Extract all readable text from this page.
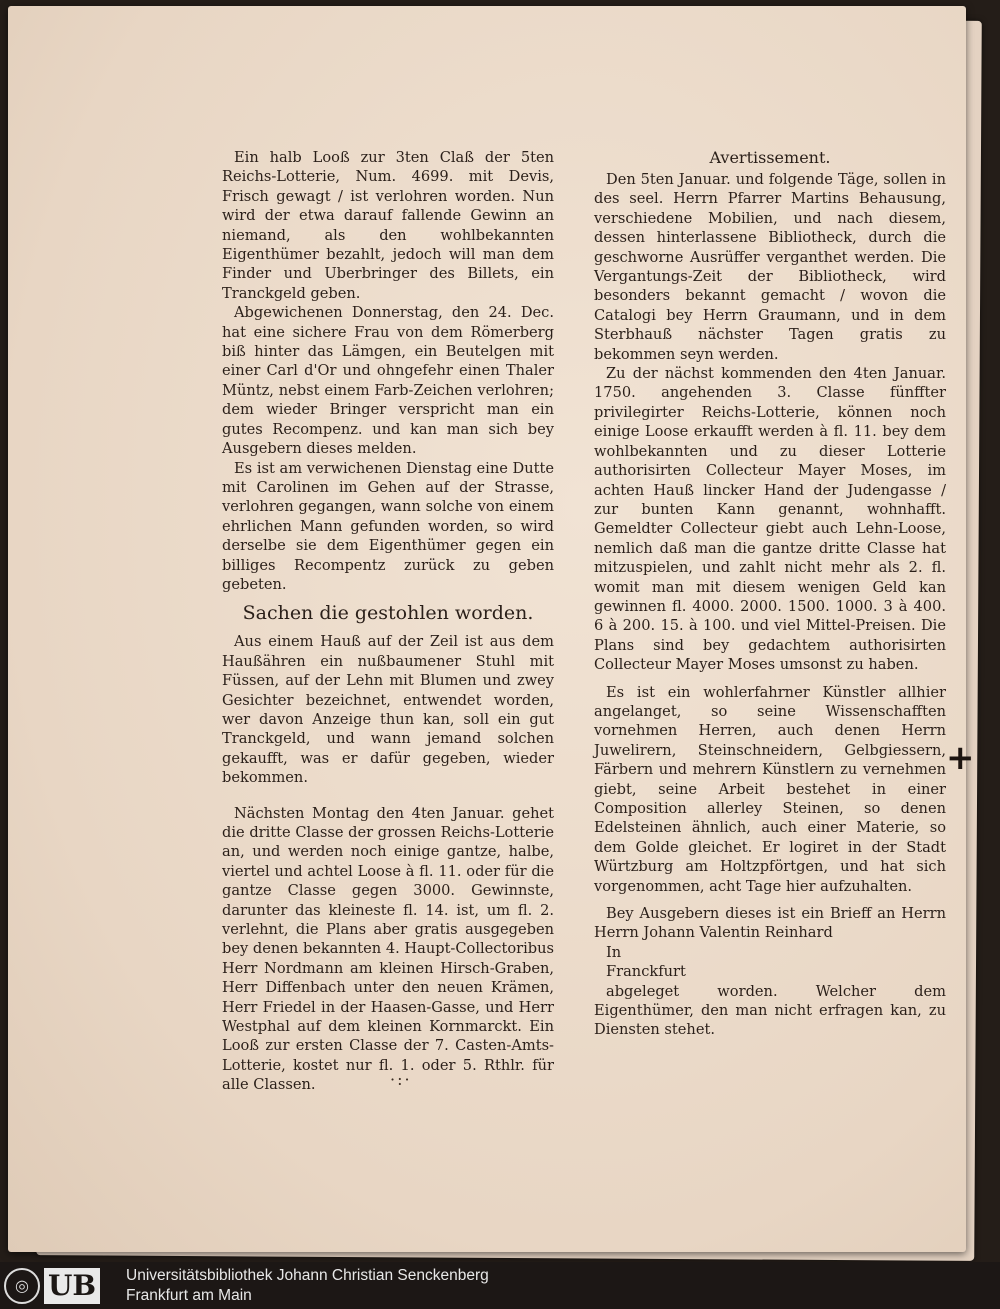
Ein halb Looß zur 3ten Claß der 5ten Reichs-Lotterie, Num. 4699. mit Devis, Frisch gewagt / ist verlohren worden. Nun wird der etwa darauf fallende Gewinn an niemand, als den wohlbekannten Eigenthümer bezahlt, jedoch will man dem Finder und Uberbringer des Billets, ein Tranckgeld geben.

Abgewichenen Donnerstag, den 24. Dec. hat eine sichere Frau von dem Römerberg biß hinter das Lämgen, ein Beutelgen mit einer Carl d'Or und ohngefehr einen Thaler Müntz, nebst einem Farb-Zeichen verlohren; dem wieder Bringer verspricht man ein gutes Recompenz. und kan man sich bey Ausgebern dieses melden.

Es ist am verwichenen Dienstag eine Dutte mit Carolinen im Gehen auf der Strasse, verlohren gegangen, wann solche von einem ehrlichen Mann gefunden worden, so wird derselbe sie dem Eigenthümer gegen ein billiges Recompentz zurück zu geben gebeten.

Sachen die gestohlen worden.

Aus einem Hauß auf der Zeil ist aus dem Haußähren ein nußbaumener Stuhl mit Füssen, auf der Lehn mit Blumen und zwey Gesichter bezeichnet, entwendet worden, wer davon Anzeige thun kan, soll ein gut Tranckgeld, und wann jemand solchen gekaufft, was er dafür gegeben, wieder bekommen.

Nächsten Montag den 4ten Januar. gehet die dritte Classe der grossen Reichs-Lotterie an, und werden noch einige gantze, halbe, viertel und achtel Loose à fl. 11. oder für die gantze Classe gegen 3000. Gewinnste, darunter das kleineste fl. 14. ist, um fl. 2. verlehnt, die Plans aber gratis ausgegeben bey denen bekannten 4. Haupt-Collectoribus Herr Nordmann am kleinen Hirsch-Graben, Herr Diffenbach unter den neuen Krämen, Herr Friedel in der Haasen-Gasse, und Herr Westphal auf dem kleinen Kornmarckt. Ein Looß zur ersten Classe der 7. Casten-Amts-Lotterie, kostet nur fl. 1. oder 5. Rthlr. für alle Classen.

Avertissement.

Den 5ten Januar. und folgende Täge, sollen in des seel. Herrn Pfarrer Martins Behausung, verschiedene Mobilien, und nach diesem, dessen hinterlassene Bibliotheck, durch die geschworne Ausrüffer verganthet werden. Die Vergantungs-Zeit der Bibliotheck, wird besonders bekannt gemacht / wovon die Catalogi bey Herrn Graumann, und in dem Sterbhauß nächster Tagen gratis zu bekommen seyn werden.

Zu der nächst kommenden den 4ten Januar. 1750. angehenden 3. Classe fünffter privilegirter Reichs-Lotterie, können noch einige Loose erkaufft werden à fl. 11. bey dem wohlbekannten und zu dieser Lotterie authorisirten Collecteur Mayer Moses, im achten Hauß lincker Hand der Judengasse / zur bunten Kann genannt, wohnhafft. Gemeldter Collecteur giebt auch Lehn-Loose, nemlich daß man die gantze dritte Classe hat mitzuspielen, und zahlt nicht mehr als 2. fl. womit man mit diesem wenigen Geld kan gewinnen fl. 4000. 2000. 1500. 1000. 3 à 400. 6 à 200. 15. à 100. und viel Mittel-Preisen. Die Plans sind bey gedachtem authorisirten Collecteur Mayer Moses umsonst zu haben.

Es ist ein wohlerfahrner Künstler allhier angelanget, so seine Wissenschafften vornehmen Herren, auch denen Herrn Juwelirern, Steinschneidern, Gelbgiessern, Färbern und mehrern Künstlern zu vernehmen giebt, seine Arbeit bestehet in einer Composition allerley Steinen, so denen Edelsteinen ähnlich, auch einer Materie, so dem Golde gleichet. Er logiret in der Stadt Würtzburg am Holtzpförtgen, und hat sich vorgenommen, acht Tage hier aufzuhalten.

Bey Ausgebern dieses ist ein Brieff an Herrn Herrn Johann Valentin Reinhard

In

Franckfurt

abgeleget worden. Welcher dem Eigenthümer, den man nicht erfragen kan, zu Diensten stehet.

·:·
+
◎ UB Universitätsbibliothek Johann Christian Senckenberg
Frankfurt am Main
